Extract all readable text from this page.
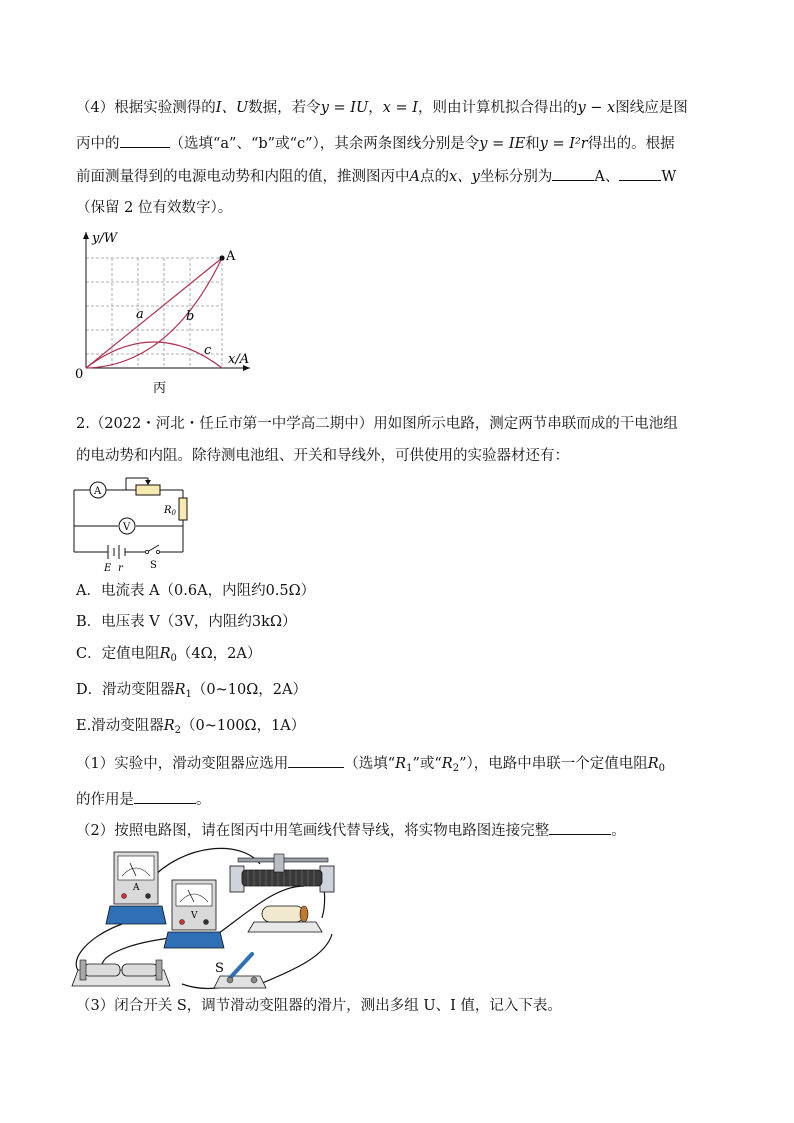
（4）根据实验测得的I、U数据，若令y = IU，x = I，则由计算机拟合得出的y − x图线应是图
丙中的	（选填“a”、“b”或“c”），其余两条图线分别是令y = IE和y = I²r得出的。根据
前面测量得到的电源电动势和内阻的值，推测图丙中A点的x、y坐标分别为	A、	W
（保留 2 位有效数字）。
y/W
x/A
0
A
a	b
c
丙
2.（2022・河北・任丘市第一中学高二期中）用如图所示电路，测定两节串联而成的干电池组
的电动势和内阻。除待测电池组、开关和导线外，可供使用的实验器材还有：
A
$R_0$
V
E r	S
A．电流表 A（0.6A，内阻约0.5Ω）
B．电压表 V（3V，内阻约3kΩ）
C．定值电阻$R_0(4\Omega$，2A）
D．滑动变阻器$R_1(0\sim 10\Omega$，2A）
E.滑动变阻器$R_2(0\sim 100\Omega$，1A）
（1）实验中，滑动变阻器应选用	（选填“$R_1$”或“$R_2$”），电路中串联一个定值电阻$R_0$
的作用是	。
（2）按照电路图，请在图丙中用笔画线代替导线，将实物电路图连接完整	。
A
V
S
（3）闭合开关 S，调节滑动变阻器的滑片，测出多组 U、I 值，记入下表。
